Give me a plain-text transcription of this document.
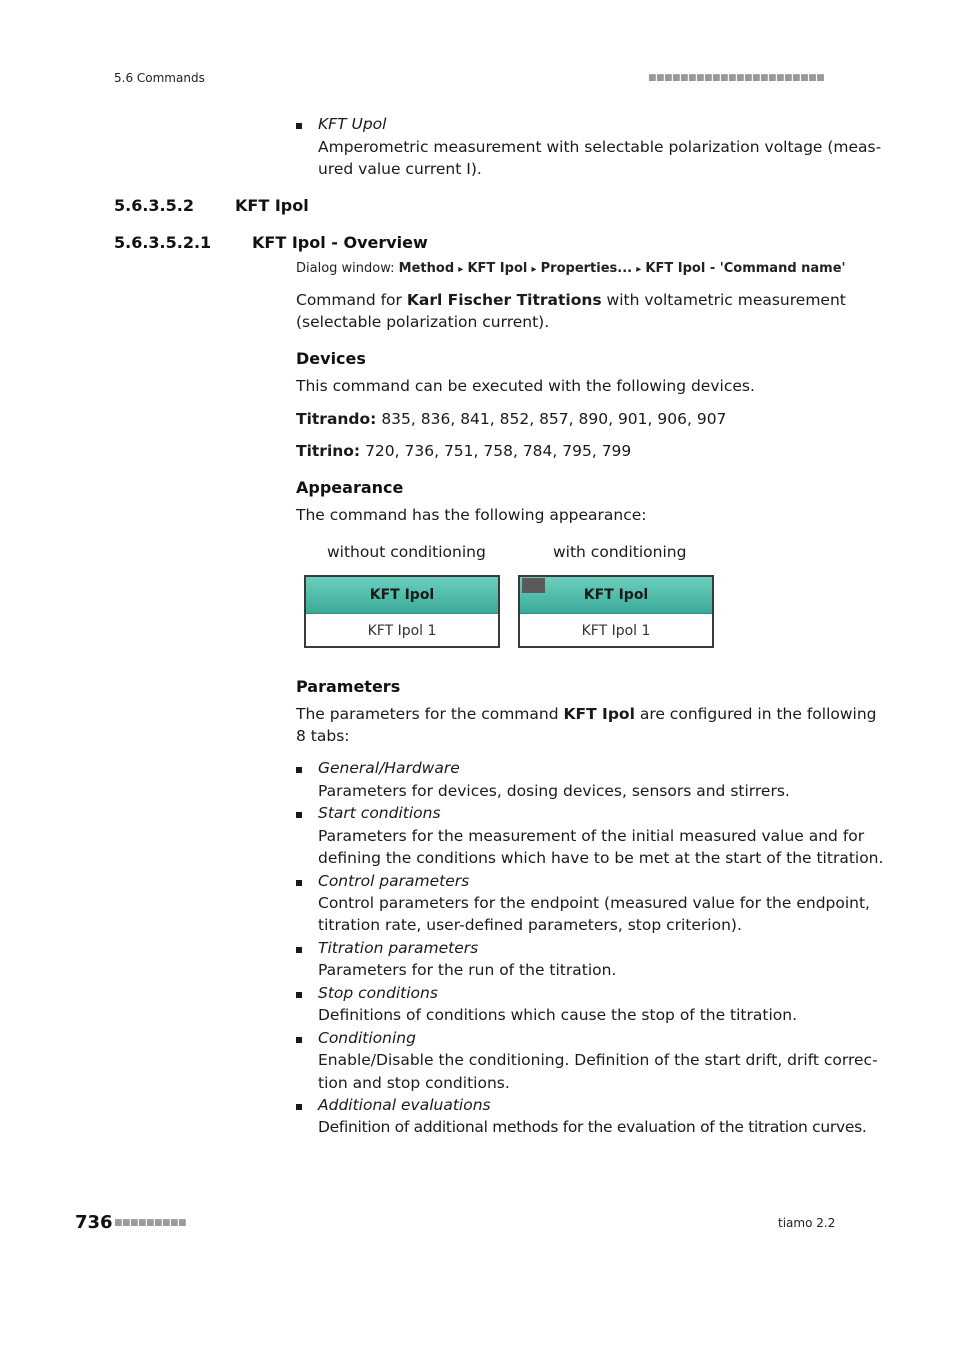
5.6 Commands	■■■■■■■■■■■■■■■■■■■■■■
KFT Upol
Amperometric measurement with selectable polarization voltage (meas-
ured value current I).
5.6.3.5.2	KFT Ipol
5.6.3.5.2.1	KFT Ipol - Overview
Dialog window: Method ▸ KFT Ipol ▸ Properties... ▸ KFT Ipol - 'Command name'
Command for Karl Fischer Titrations with voltametric measurement
(selectable polarization current).
Devices
This command can be executed with the following devices.
Titrando: 835, 836, 841, 852, 857, 890, 901, 906, 907
Titrino: 720, 736, 751, 758, 784, 795, 799
Appearance
The command has the following appearance:
without conditioning	with conditioning
KFT Ipol
KFT Ipol 1
KFT Ipol
KFT Ipol 1
Parameters
The parameters for the command KFT Ipol are configured in the following
8 tabs:
General/Hardware
Parameters for devices, dosing devices, sensors and stirrers.
Start conditions
Parameters for the measurement of the initial measured value and for
defining the conditions which have to be met at the start of the titration.
Control parameters
Control parameters for the endpoint (measured value for the endpoint,
titration rate, user-defined parameters, stop criterion).
Titration parameters
Parameters for the run of the titration.
Stop conditions
Definitions of conditions which cause the stop of the titration.
Conditioning
Enable/Disable the conditioning. Definition of the start drift, drift correc-
tion and stop conditions.
Additional evaluations
Definition of additional methods for the evaluation of the titration curves.
736 ■■■■■■■■■	tiamo 2.2
